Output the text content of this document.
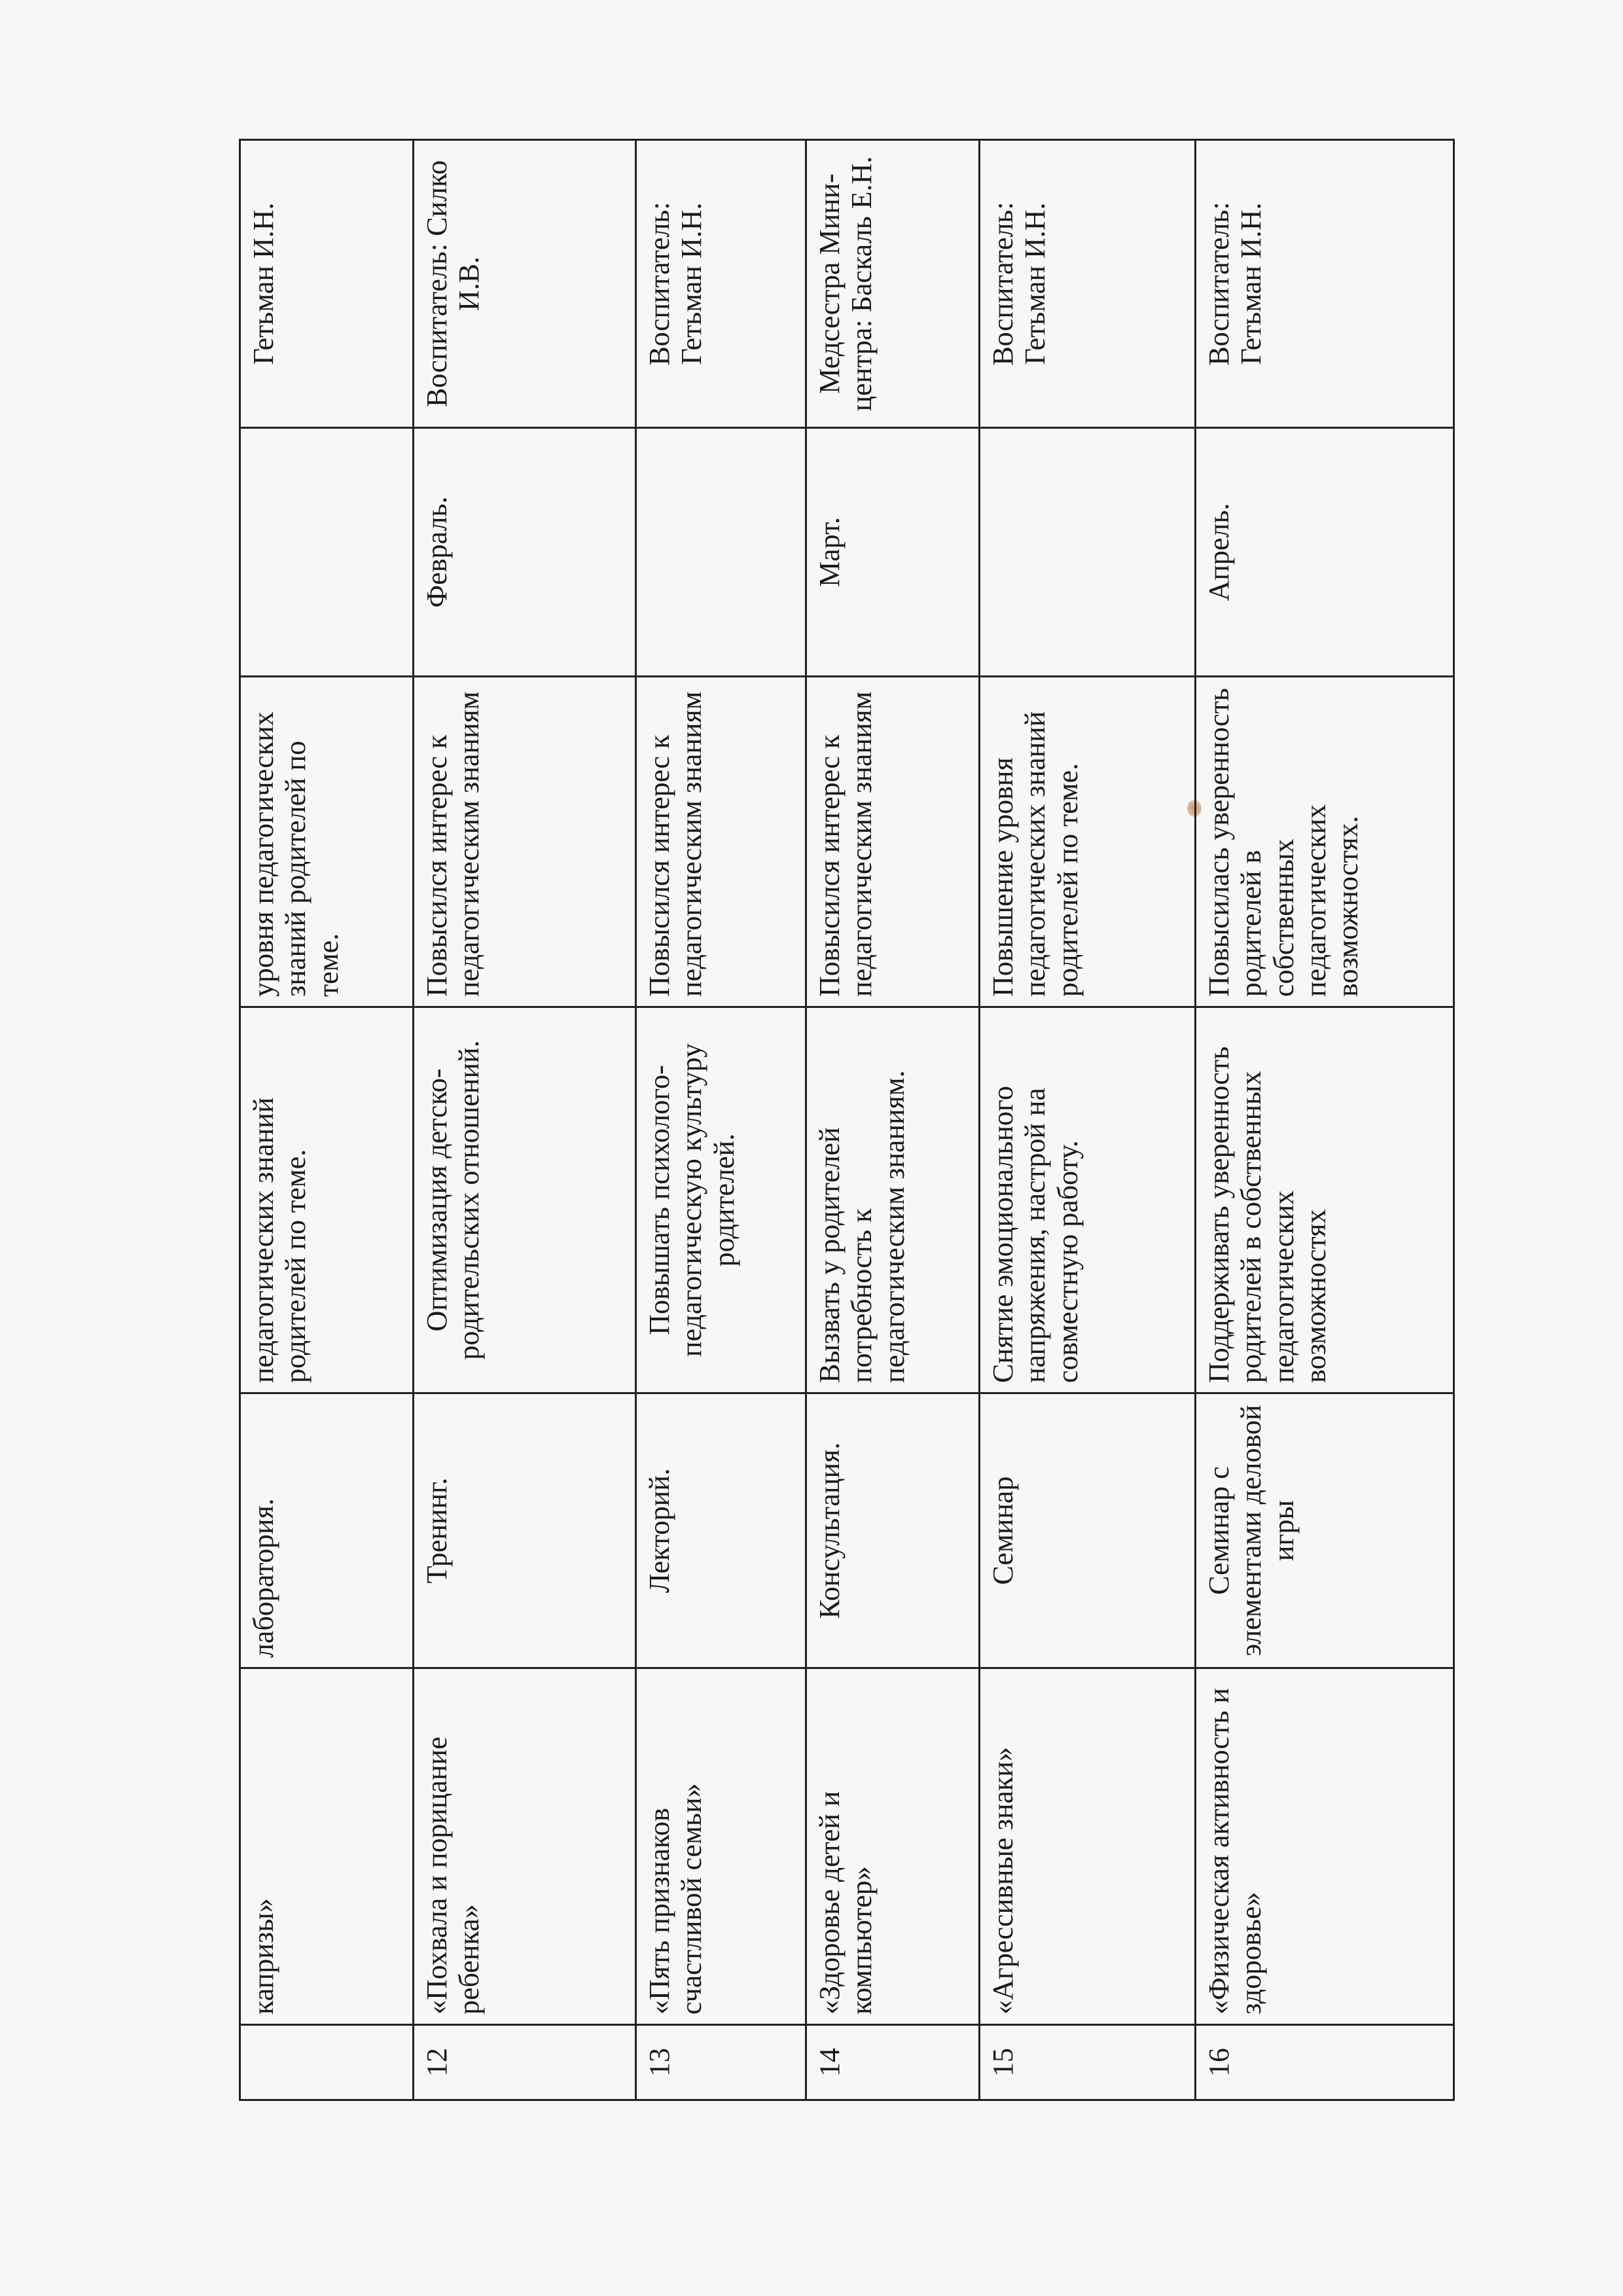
	капризы»	лаборатория.	педагогических знаний родителей по теме.	уровня педагогических знаний родителей по теме.		Гетьман И.Н.

12	«Похвала и порицание ребенка»	Тренинг.	Оптимизация детско-родительских отношений.	Повысился интерес к педагогическим знаниям	Февраль.	Воспитатель: Силко И.В.

13	«Пять признаков счастливой семьи»	Лекторий.	Повышать психолого-педагогическую культуру родителей.	Повысился интерес к педагогическим знаниям		Воспитатель: Гетьман И.Н.

14	«Здоровье детей и компьютер»	Консультация.	Вызвать у родителей потребность к педагогическим знаниям.	Повысился интерес к педагогическим знаниям	Март.	Медсестра Мини-центра: Баскаль Е.Н.

15	«Агрессивные знаки»	Семинар	Снятие эмоционального напряжения, настрой на совместную работу.	Повышение уровня педагогических знаний родителей по теме.		Воспитатель: Гетьман И.Н.

16	«Физическая активность и здоровье»	Семинар с элементами деловой игры	Поддерживать уверенность родителей в собственных педагогических возможностях	Повысилась уверенность родителей в собственных педагогических возможностях.	Апрель.	Воспитатель: Гетьман И.Н.
